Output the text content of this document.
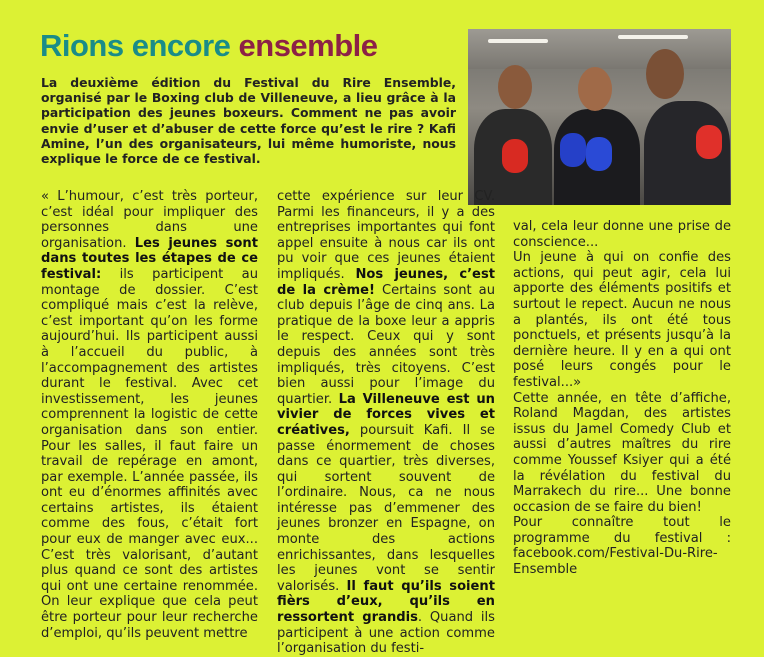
Rions encore ensemble
La deuxième édition du Festival du Rire Ensemble, organisé par le Boxing club de Villeneuve, a lieu grâce à la participation des jeunes boxeurs. Comment ne pas avoir envie d’user et d’abuser de cette force qu’est le rire ? Kafi Amine, l’un des organisateurs, lui même humoriste, nous explique le force de ce festival.

« L’humour, c’est très porteur, c’est idéal pour impliquer des personnes dans une organisation. Les jeunes sont dans toutes les étapes de ce festival: ils participent au montage de dossier. C’est compliqué mais c’est la relève, c’est important qu’on les forme aujourd’hui. Ils participent aussi à l’accueil du public, à l’accompagnement des artistes durant le festival. Avec cet investissement, les jeunes comprennent la logistic de cette organisation dans son entier. Pour les salles, il faut faire un travail de repérage en amont, par exemple. L’année passée, ils ont eu d’énormes affinités avec certains artistes, ils étaient comme des fous, c’était fort pour eux de manger avec eux... C’est très valorisant, d’autant plus quand ce sont des artistes qui ont une certaine renommée. On leur explique que cela peut être porteur pour leur recherche d’emploi, qu’ils peuvent mettre

cette expérience sur leur CV. Parmi les financeurs, il y a des entreprises importantes qui font appel ensuite à nous car ils ont pu voir que ces jeunes étaient impliqués. Nos jeunes, c’est de la crème! Certains sont au club depuis l’âge de cinq ans. La pratique de la boxe leur a appris le respect. Ceux qui y sont depuis des années sont très impliqués, très citoyens. C’est bien aussi pour l’image du quartier. La Villeneuve est un vivier de forces vives et créatives, poursuit Kafi. Il se passe énormement de choses dans ce quartier, très diverses, qui sortent souvent de l’ordinaire. Nous, ca ne nous intéresse pas d’emmener des jeunes bronzer en Espagne, on monte des actions enrichissantes, dans lesquelles les jeunes vont se sentir valorisés. Il faut qu’ils soient fièrs d’eux, qu’ils en ressortent grandis. Quand ils participent à une action comme l’organisation du festi-

val, cela leur donne une prise de conscience...

Un jeune à qui on confie des actions, qui peut agir, cela lui apporte des éléments positifs et surtout le repect. Aucun ne nous a plantés, ils ont été tous ponctuels, et présents jusqu’à la dernière heure. Il y en a qui ont posé leurs congés pour le festival...»

Cette année, en tête d’affiche, Roland Magdan, des artistes issus du Jamel Comedy Club et aussi d’autres maîtres du rire comme Youssef Ksiyer qui a été la révélation du festival du Marrakech du rire... Une bonne occasion de se faire du bien!

Pour connaître tout le programme du festival : facebook.com/Festival-Du-Rire-Ensemble
